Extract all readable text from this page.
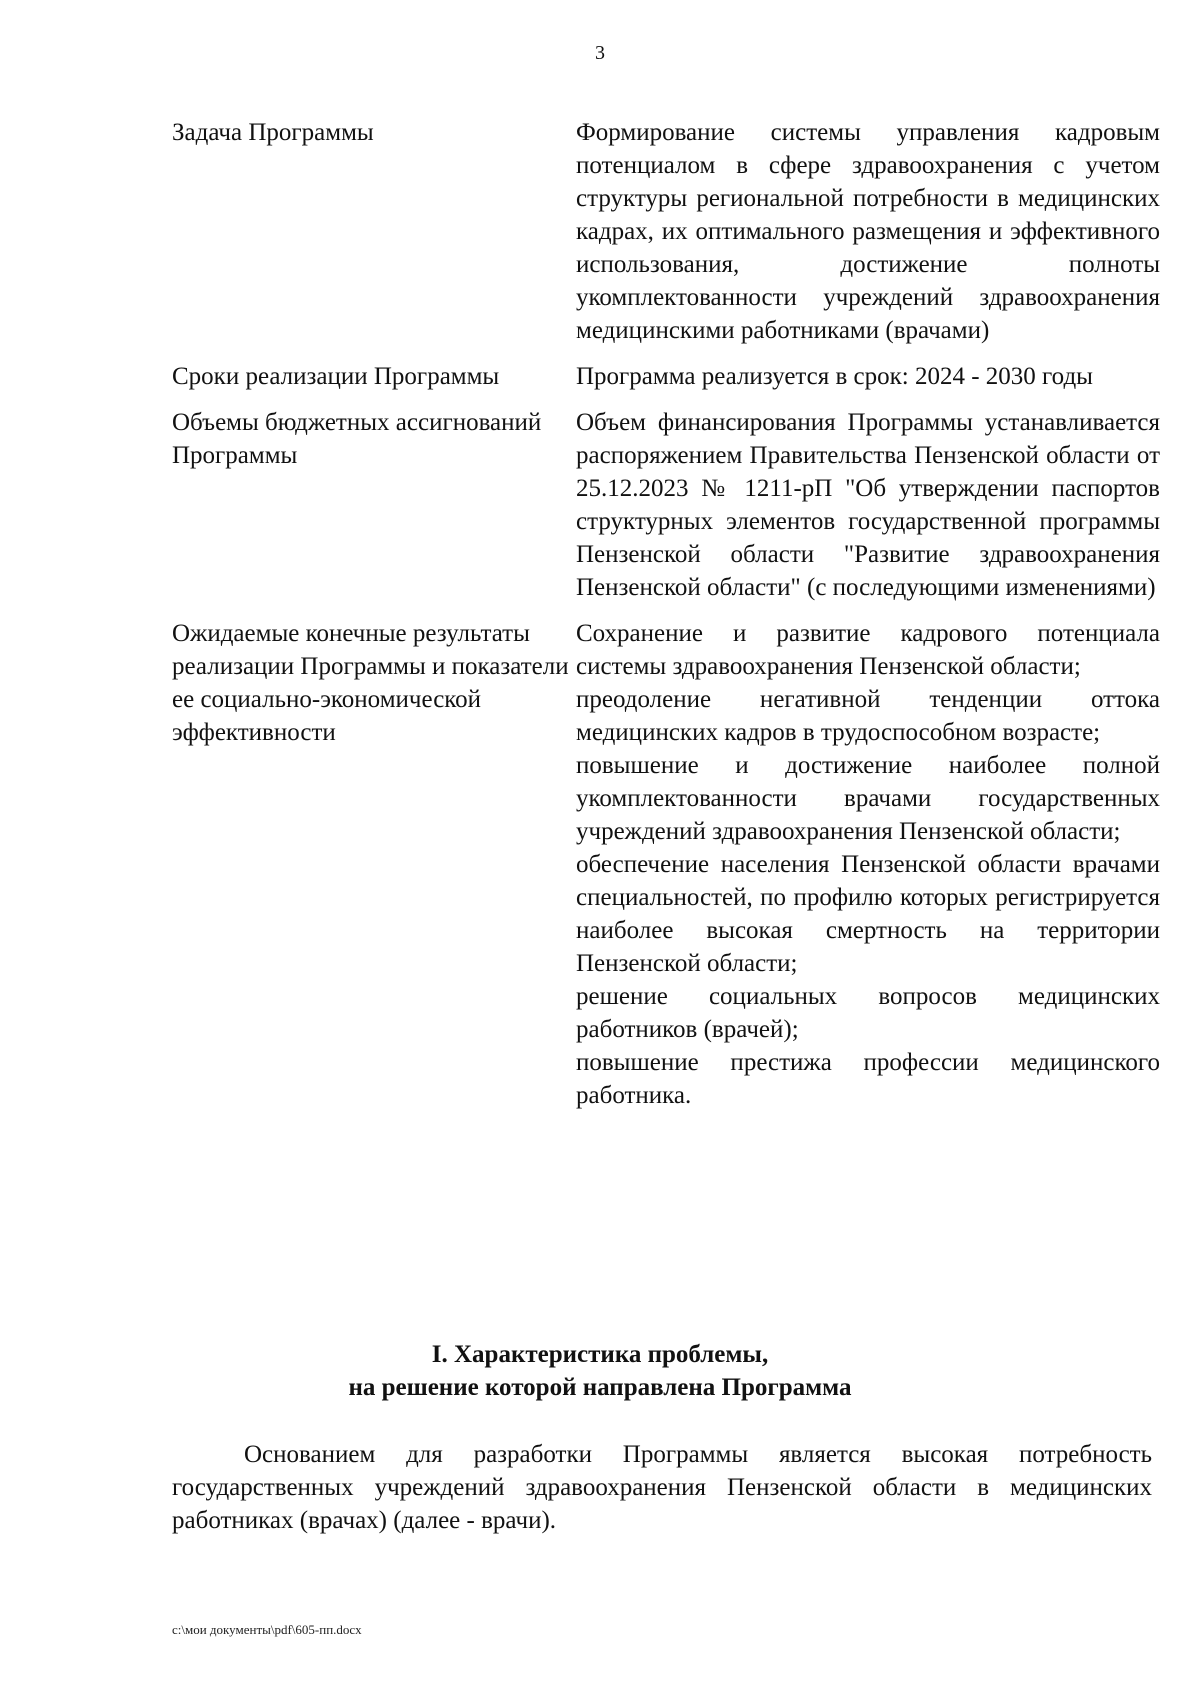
3
Задача Программы	Формирование системы управления кадровым потенциалом в сфере здравоохранения с учетом структуры региональной потребности в медицинских кадрах, их оптимального размещения и эффективного использования, достижение полноты укомплектованности учреждений здравоохранения медицинскими работниками (врачами)
Сроки реализации Программы	Программа реализуется в срок: 2024 - 2030 годы
Объемы бюджетных ассигнований Программы
Объем финансирования Программы устанавливается распоряжением Правительства Пензенской области от 25.12.2023 № 1211-рП "Об утверждении паспортов структурных элементов государственной программы Пензенской области "Развитие здравоохранения Пензенской области" (с последующими изменениями)
Ожидаемые конечные результаты реализации Программы и показатели ее социально-экономической эффективности
Сохранение и развитие кадрового потенциала системы здравоохранения Пензенской области;
преодоление негативной тенденции оттока медицинских кадров в трудоспособном возрасте;
повышение и достижение наиболее полной укомплектованности врачами государственных учреждений здравоохранения Пензенской области;
обеспечение населения Пензенской области врачами специальностей, по профилю которых регистрируется наиболее высокая смертность на территории Пензенской области;
решение социальных вопросов медицинских работников (врачей);
повышение престижа профессии медицинского работника.
I. Характеристика проблемы,
на решение которой направлена Программа

Основанием для разработки Программы является высокая потребность государственных учреждений здравоохранения Пензенской области в медицинских работниках (врачах) (далее - врачи).

c:\мои документы\pdf\605-пп.docx
